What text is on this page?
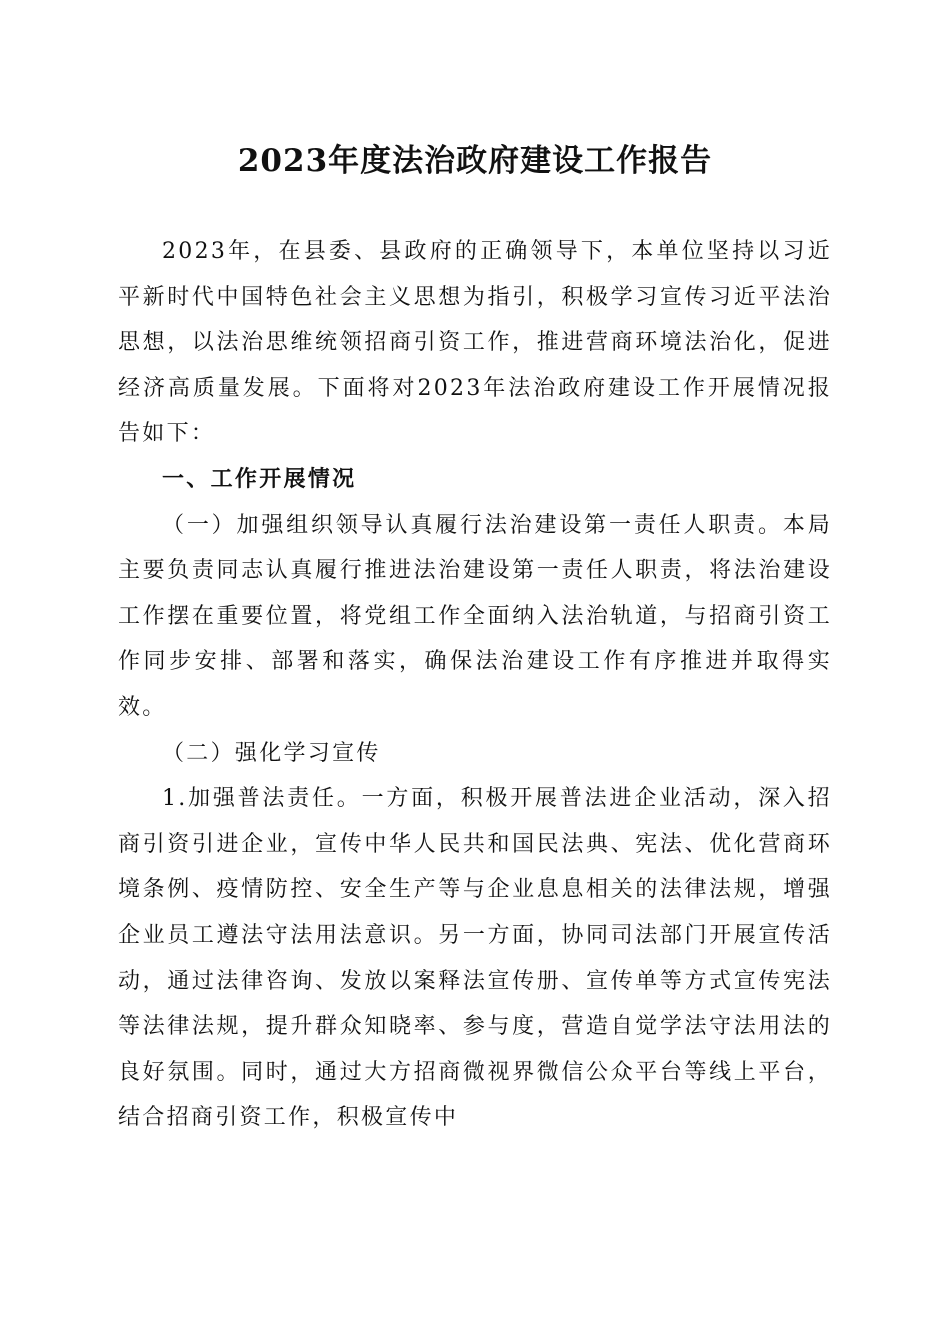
2023年度法治政府建设工作报告

2023年，在县委、县政府的正确领导下，本单位坚持以习近平新时代中国特色社会主义思想为指引，积极学习宣传习近平法治思想，以法治思维统领招商引资工作，推进营商环境法治化，促进经济高质量发展。下面将对2023年法治政府建设工作开展情况报告如下：

一、工作开展情况

（一）加强组织领导认真履行法治建设第一责任人职责。本局主要负责同志认真履行推进法治建设第一责任人职责，将法治建设工作摆在重要位置，将党组工作全面纳入法治轨道，与招商引资工作同步安排、部署和落实，确保法治建设工作有序推进并取得实效。

（二）强化学习宣传

1.加强普法责任。一方面，积极开展普法进企业活动，深入招商引资引进企业，宣传中华人民共和国民法典、宪法、优化营商环境条例、疫情防控、安全生产等与企业息息相关的法律法规，增强企业员工遵法守法用法意识。另一方面，协同司法部门开展宣传活动，通过法律咨询、发放以案释法宣传册、宣传单等方式宣传宪法等法律法规，提升群众知晓率、参与度，营造自觉学法守法用法的良好氛围。同时，通过大方招商微视界微信公众平台等线上平台，结合招商引资工作，积极宣传中
